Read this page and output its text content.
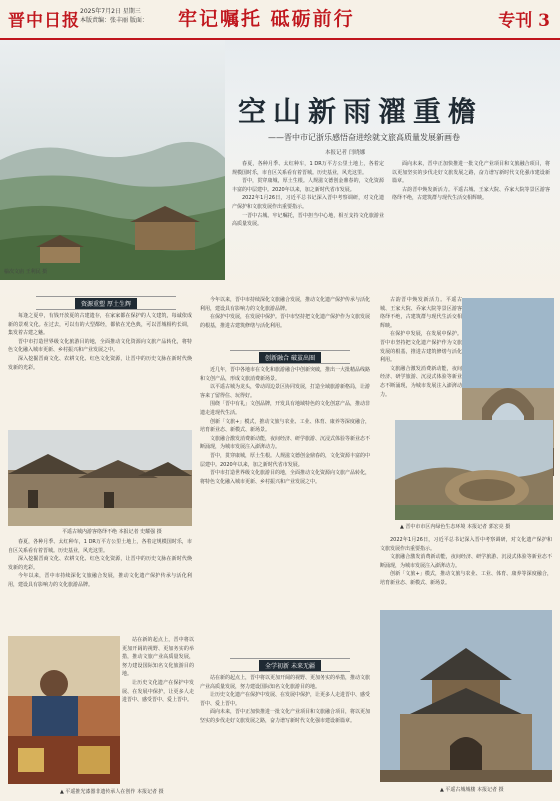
晋中日报 2025年7月2日 星期三
本版责编：张丰丽 版面： 牢记嘱托 砥砺前行	专刊 3
榆次文庙 王利民 摄
空山新雨濯重檐
——晋中市记浙乐感悟奋进绘就文旅高质量发展新画卷
本报记者 闫晓娜

春夏，各种月季、太红种车，1 DR万平方公里土地上，各着定规模国时乐，市自区关系看有着晋城。历史基业，风光这里。

晋中，贯穿康城，厚土生根。人规滋文德创金鼎春的，文化资源丰富的中层建中。2020年以来，加之新时代省市发展。

2022年1月26日，习近平总书记深入晋中考察调研，对文化遗产保护和文旅发展作出重要指示。

一晋中古城。牢记嘱托，晋中担当中心地，相互支持文化旅游业高质量发展。

面向未来，晋中正加快推进一批文化产业项目和文旅融合项目，将以更加坚实的步伐走好文旅发展之路，奋力谱写新时代文化强市建设新篇章。

古韵晋中焕发新活力。平遥古城、王家大院、乔家大院等景区游客络绎不绝，古建筑群与现代生活交相辉映。

资源重塑 厚土生辉

每逢之夏中，有钱开放夏的古建遗存，在家家都在保护的人文建筑，每诚依成新的景观文化。在过去，可以有的大型都经，都依在光色典，可以晋城相约长调，集发着古建之魅。

晋中市打造世界级文化旅游目的地，全面推动文化资源向文旅产品转化，将特色文化融入城市更新、乡村振兴和产业发展之中。

深入挖掘晋商文化、农耕文化、红色文化资源，让晋中的历史文脉在新时代焕发新的光彩。

今年以来，晋中市持续深化文旅融合发展，推动文化遗产保护传承与活化利用，建设具有影响力的文化旅游品牌。

在保护中发展，在发展中保护。晋中市坚持把文化遗产保护作为文旅发展的根基，推进古建筑修缮与活化利用。

创新融合 破茧出圈

近几年，晋中各地市在文化和旅游融合中创新突破，推出一大批精品线路和文创产品，形成文旅消费新场景。

以平遥古城为龙头，带动周边景区协同发展，打造全域旅游新格局，让游客来了留得住、玩得好。

围绕「晋中有礼」文创品牌，开发具有地域特色的文化创意产品，推动非遗走进现代生活。

创新「文旅+」模式，推动文旅与农业、工业、体育、康养等深度融合，培育新业态、新模式、新场景。

文旅融合激发消费新动能，夜间经济、研学旅游、沉浸式体验等新业态不断涌现，为城市发展注入澎湃动力。

晋中，贯穿康城，厚土生根。人规滋文德创金鼎春的，文化资源丰富的中层建中。2020年以来，加之新时代省市发展。

晋中市打造世界级文化旅游目的地，全面推动文化资源向文旅产品转化，将特色文化融入城市更新、乡村振兴和产业发展之中。

古韵晋中焕发新活力。平遥古城、王家大院、乔家大院等景区游客络绎不绝，古建筑群与现代生活交相辉映。

在保护中发展，在发展中保护。晋中市坚持把文化遗产保护作为文旅发展的根基，推进古建筑修缮与活化利用。

文旅融合激发消费新动能，夜间经济、研学旅游、沉浸式体验等新业态不断涌现，为城市发展注入澎湃动力。

▲ 晋中市市区内绿色生态环境 本报记者 郭宏亮 摄
平遥古城内游客络绎不绝 本报记者 史耀强 摄

春夏，各种月季、太红种车，1 DR万平方公里土地上，各着定规模国时乐，市自区关系看有着晋城。历史基业，风光这里。

深入挖掘晋商文化、农耕文化、红色文化资源，让晋中的历史文脉在新时代焕发新的光彩。

今年以来，晋中市持续深化文旅融合发展，推动文化遗产保护传承与活化利用，建设具有影响力的文化旅游品牌。

站在新的起点上，晋中将以更加开阔的视野、更加务实的举措，推动文旅产业高质量发展，努力建设国际知名文化旅游目的地。

让历史文化遗产在保护中发展、在发展中保护，让更多人走进晋中、感受晋中、爱上晋中。

▲ 平遥推光漆器非遗传承人在创作 本报记者 摄
全学初新 未来无疆

站在新的起点上，晋中将以更加开阔的视野、更加务实的举措，推动文旅产业高质量发展，努力建设国际知名文化旅游目的地。

让历史文化遗产在保护中发展、在发展中保护，让更多人走进晋中、感受晋中、爱上晋中。

面向未来，晋中正加快推进一批文化产业项目和文旅融合项目，将以更加坚实的步伐走好文旅发展之路，奋力谱写新时代文化强市建设新篇章。

2022年1月26日，习近平总书记深入晋中考察调研，对文化遗产保护和文旅发展作出重要指示。

文旅融合激发消费新动能，夜间经济、研学旅游、沉浸式体验等新业态不断涌现，为城市发展注入澎湃动力。

创新「文旅+」模式，推动文旅与农业、工业、体育、康养等深度融合，培育新业态、新模式、新场景。

▲ 平遥古城城楼 本报记者 摄
